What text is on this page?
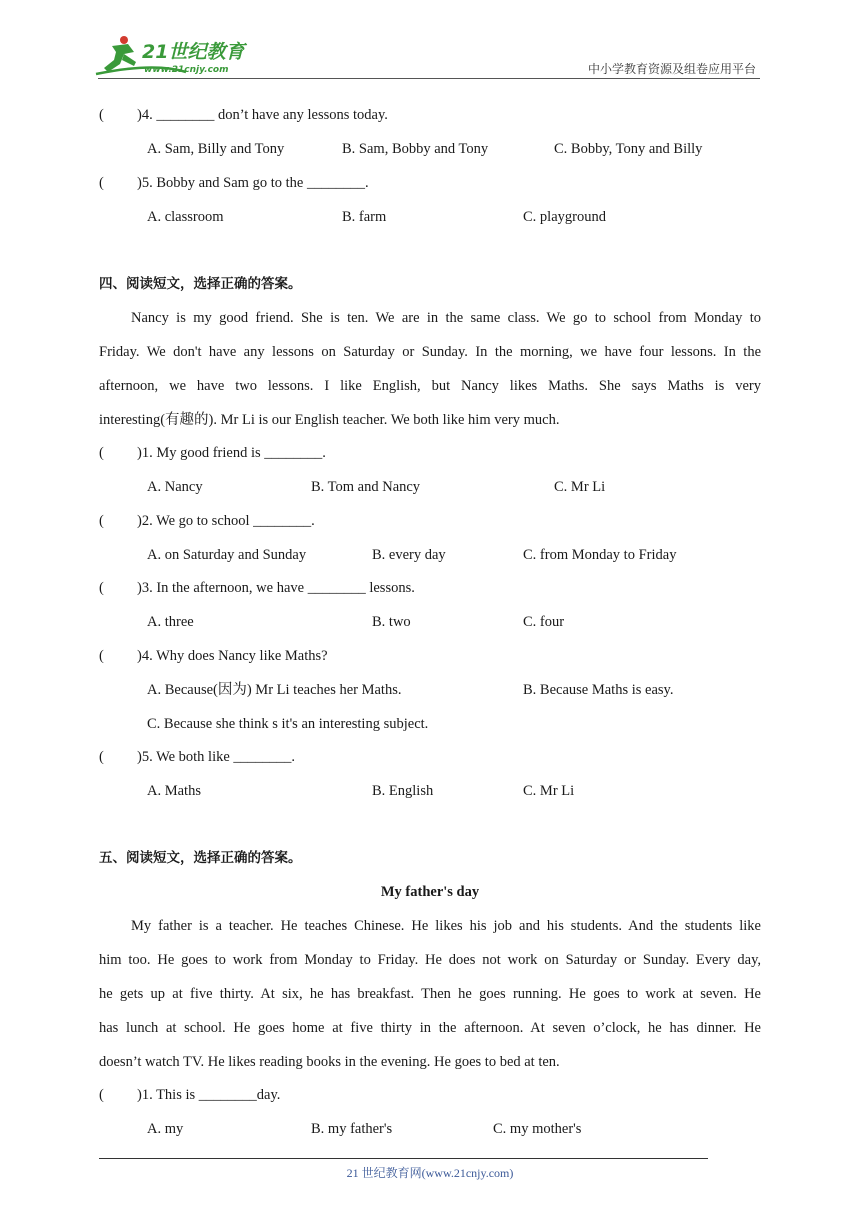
21世纪教育
www.21cnjy.com	中小学教育资源及组卷应用平台
( )4. ________ don’t have any lessons today.
A. Sam, Billy and Tony	B. Sam, Bobby and Tony	C. Bobby, Tony and Billy
( )5. Bobby and Sam go to the ________.
A. classroom	B. farm	C. playground
四、阅读短文，选择正确的答案。
Nancy is my good friend. She is ten. We are in the same class. We go to school from Monday to
Friday. We don't have any lessons on Saturday or Sunday. In the morning, we have four lessons. In the
afternoon, we have two lessons. I like English, but Nancy likes Maths. She says Maths is very
interesting(有趣的). Mr Li is our English teacher. We both like him very much.
( )1. My good friend is ________.
A. Nancy	B. Tom and Nancy	C. Mr Li
( )2. We go to school ________.
A. on Saturday and Sunday	B. every day	C. from Monday to Friday
( )3. In the afternoon, we have ________ lessons.
A. three	B. two	C. four
( )4. Why does Nancy like Maths?
A. Because(因为) Mr Li teaches her Maths.	B. Because Maths is easy.
C. Because she think s it's an interesting subject.
( )5. We both like ________.
A. Maths	B. English	C. Mr Li
五、阅读短文，选择正确的答案。
My father's day
My father is a teacher. He teaches Chinese. He likes his job and his students. And the students like
him too. He goes to work from Monday to Friday. He does not work on Saturday or Sunday. Every day,
he gets up at five thirty. At six, he has breakfast. Then he goes running. He goes to work at seven. He
has lunch at school. He goes home at five thirty in the afternoon. At seven o’clock, he has dinner. He
doesn’t watch TV. He likes reading books in the evening. He goes to bed at ten.
( )1. This is ________day.
A. my	B. my father's	C. my mother's
21 世纪教育网(www.21cnjy.com)
